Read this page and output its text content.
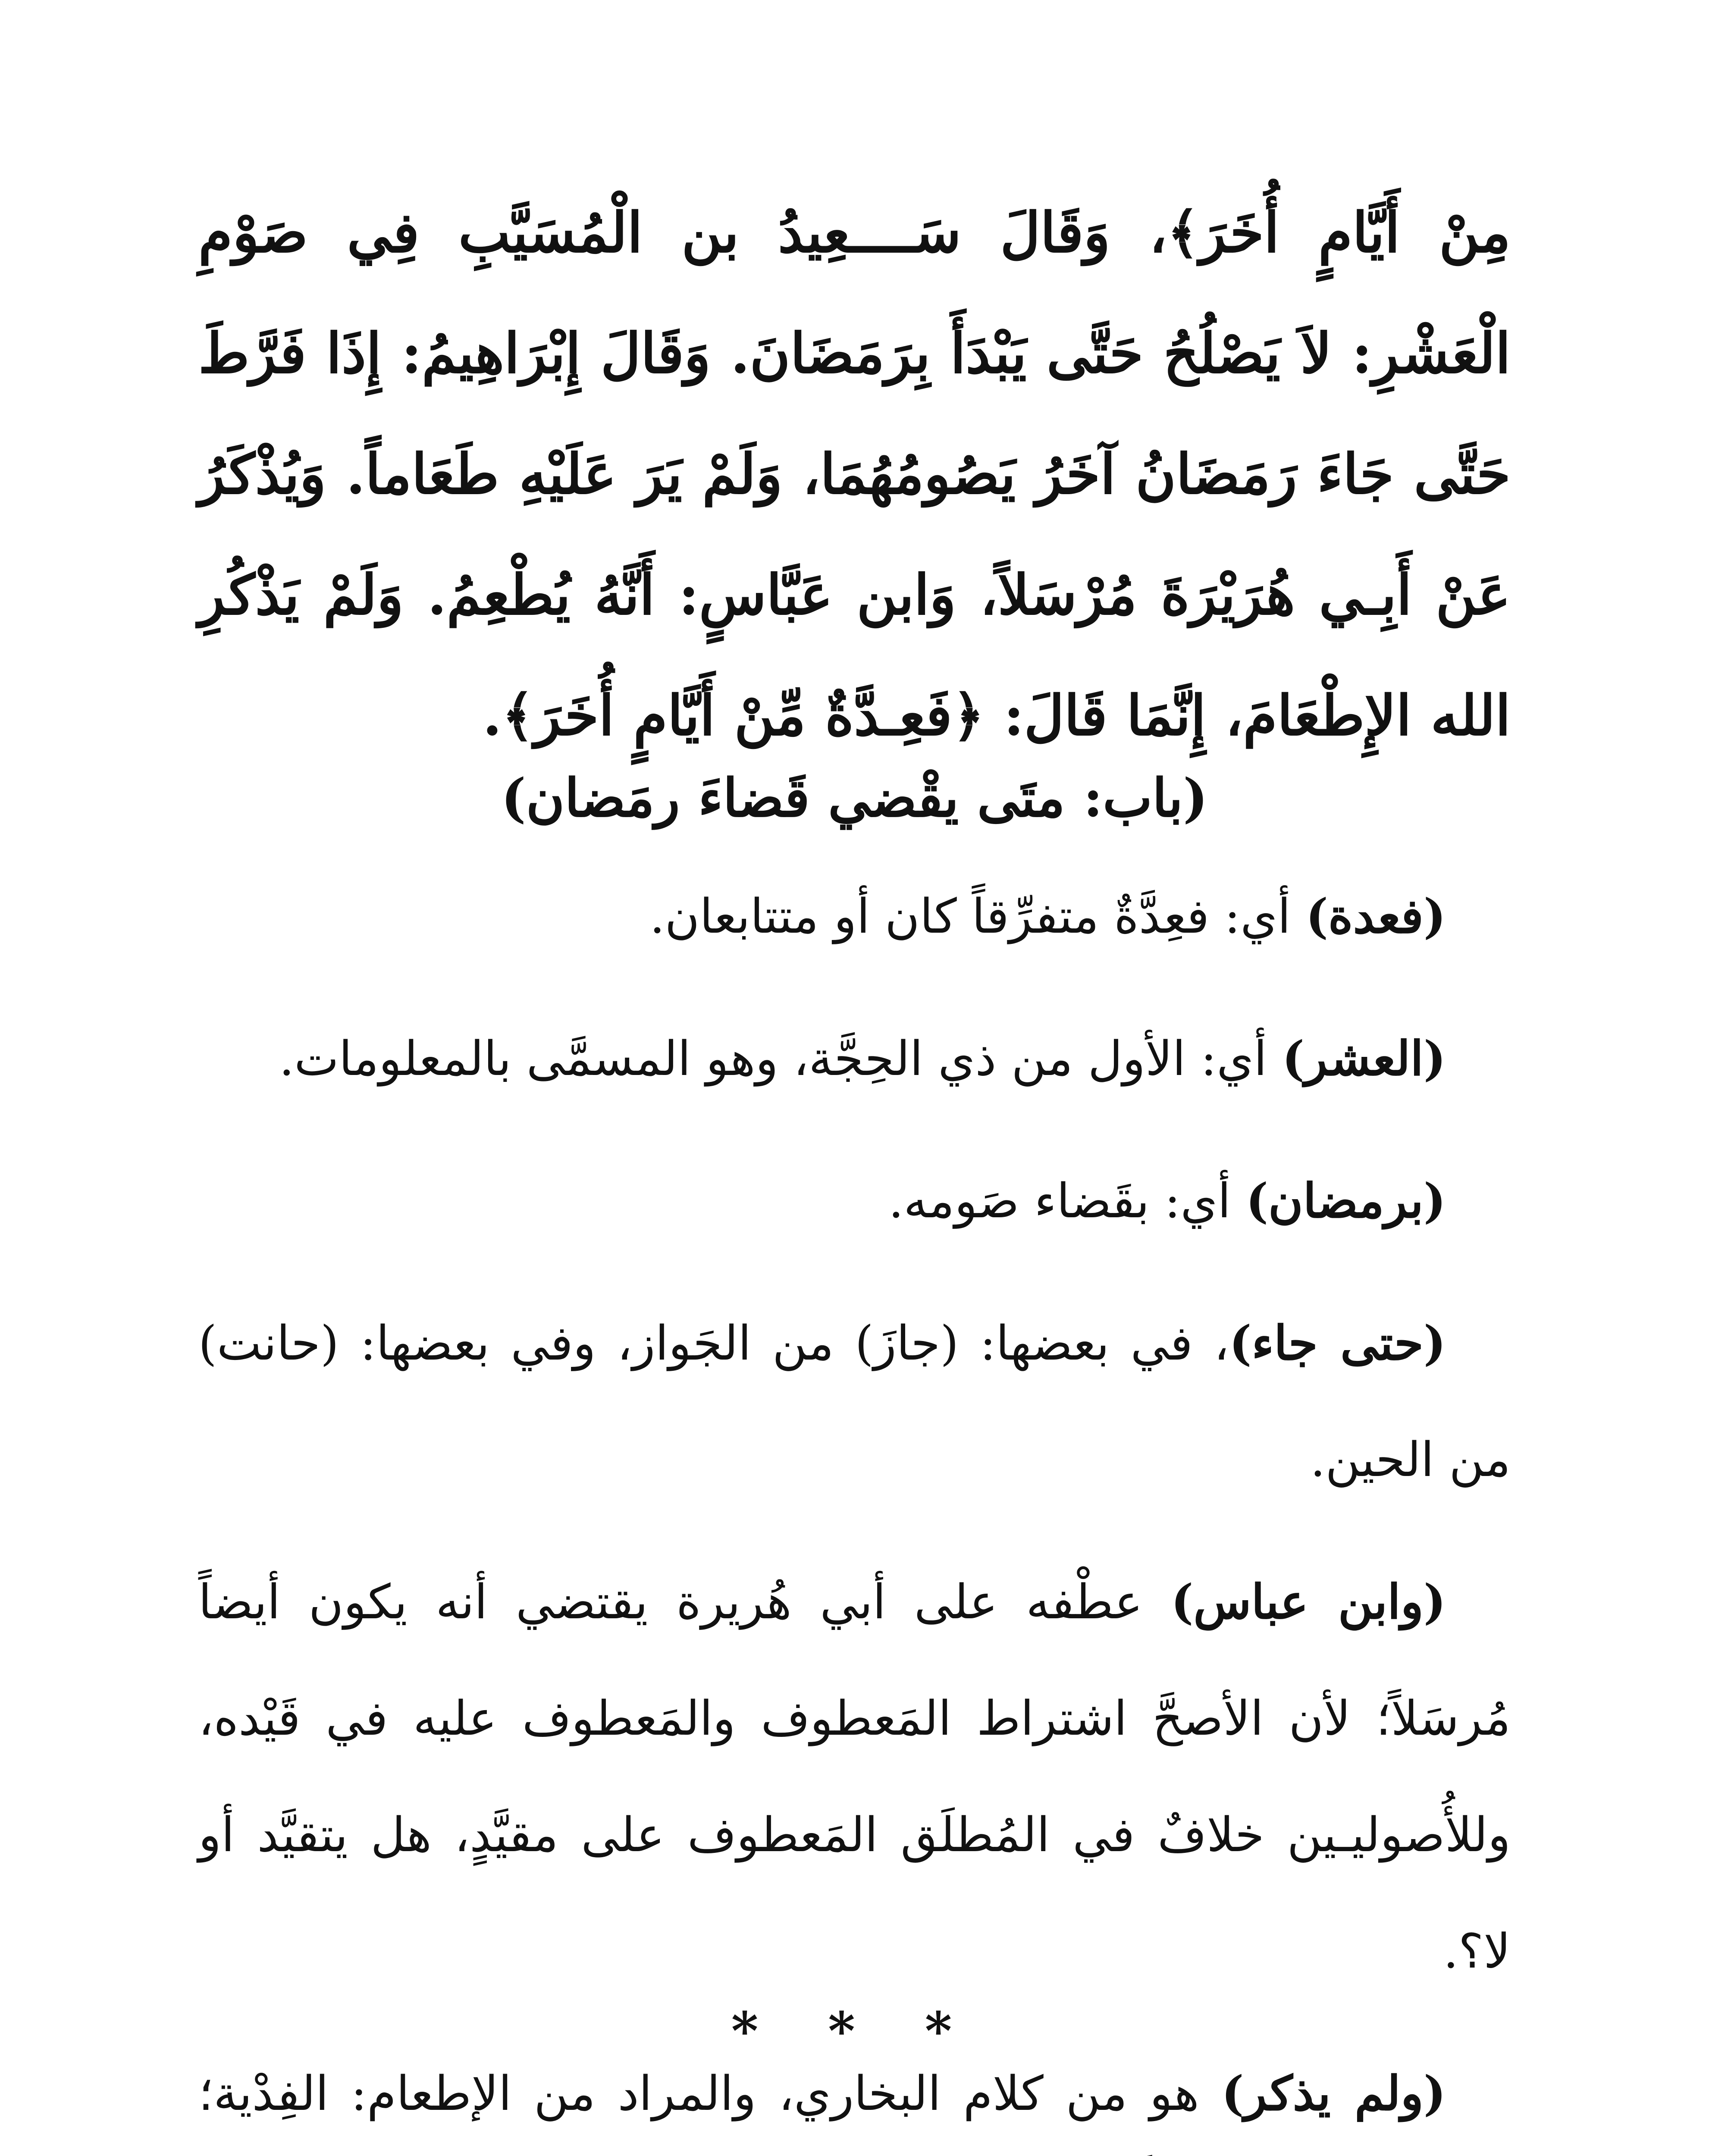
مِنْ أَيَّامٍ أُخَرَ﴾، وَقَالَ سَــــعِيدُ بن الْمُسَيَّبِ فِي صَوْمِ الْعَشْرِ: لاَ يَصْلُحُ حَتَّى يَبْدَأَ بِرَمَضَانَ. وَقَالَ إِبْرَاهِيمُ: إِذَا فَرَّطَ حَتَّى جَاءَ رَمَضَانُ آخَرُ يَصُومُهُمَا، وَلَمْ يَرَ عَلَيْهِ طَعَاماً. وَيُذْكَرُ عَنْ أَبِـي هُرَيْرَةَ مُرْسَلاً، وَابن عَبَّاسٍ: أَنَّهُ يُطْعِمُ. وَلَمْ يَذْكُرِ الله الإِطْعَامَ، إِنَّمَا قَالَ: ﴿فَعِـدَّةٌ مِّنْ أَيَّامٍ أُخَرَ﴾.
(باب: متَى يقْضي قَضاءَ رمَضان)

(فعدة) أي: فعِدَّةٌ متفرِّقاً كان أو متتابعان.

(العشر) أي: الأول من ذي الحِجَّة، وهو المسمَّى بالمعلومات.

(برمضان) أي: بقَضاء صَومه.

(حتى جاء)، في بعضها: (جازَ) من الجَواز، وفي بعضها: (حانت) من الحين.

(وابن عباس) عطْفه على أبي هُريرة يقتضي أنه يكون أيضاً مُرسَلاً؛ لأن الأصحَّ اشتراط المَعطوف والمَعطوف عليه في قَيْده، وللأُصوليـين خلافٌ في المُطلَق المَعطوف على مقيَّدٍ، هل يتقيَّد أو لا؟.

(ولم يذكر) هو من كلام البخاري، والمراد من الإطعام: الفِدْية؛

* * *
